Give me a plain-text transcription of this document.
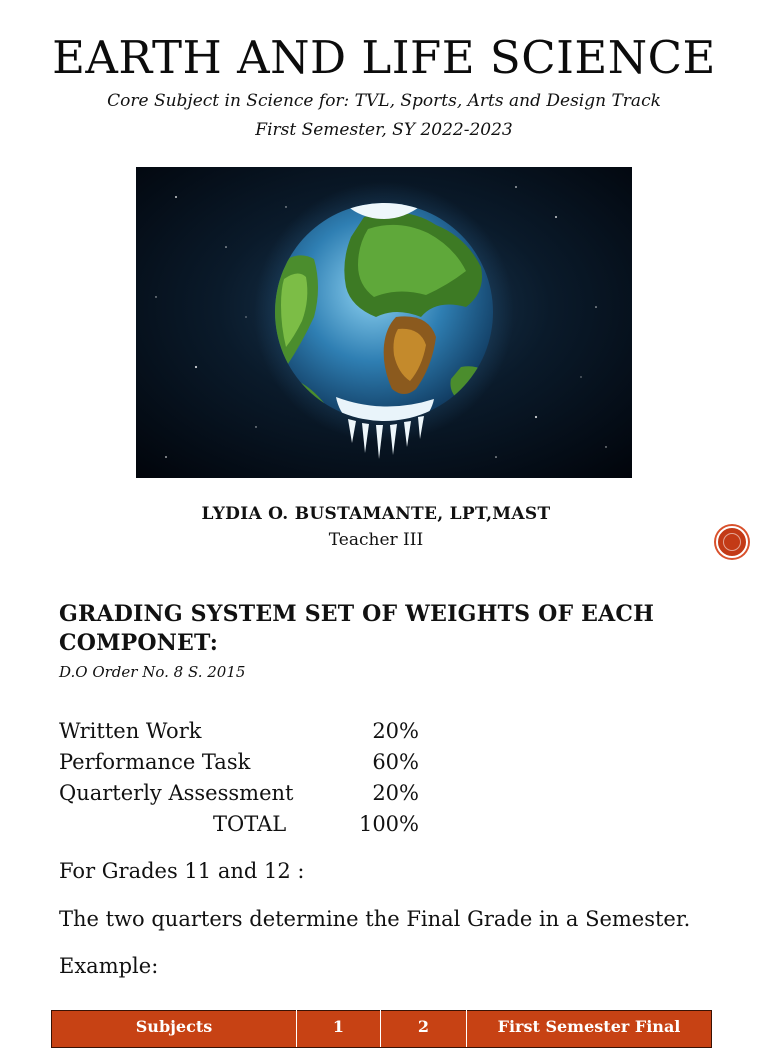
EARTH AND LIFE SCIENCE

Core Subject in Science for: TVL, Sports, Arts and Design Track

First Semester, SY 2022-2023

LYDIA O. BUSTAMANTE, LPT,MAST

Teacher III

GRADING SYSTEM SET OF WEIGHTS OF EACH COMPONET:

D.O Order No. 8 S. 2015

Written Work	20%
Performance Task	60%
Quarterly Assessment	20%
TOTAL	100%

For Grades 11 and 12 :

The two quarters determine the Final Grade in a Semester.

Example:

Subjects	1	2	First Semester Final
